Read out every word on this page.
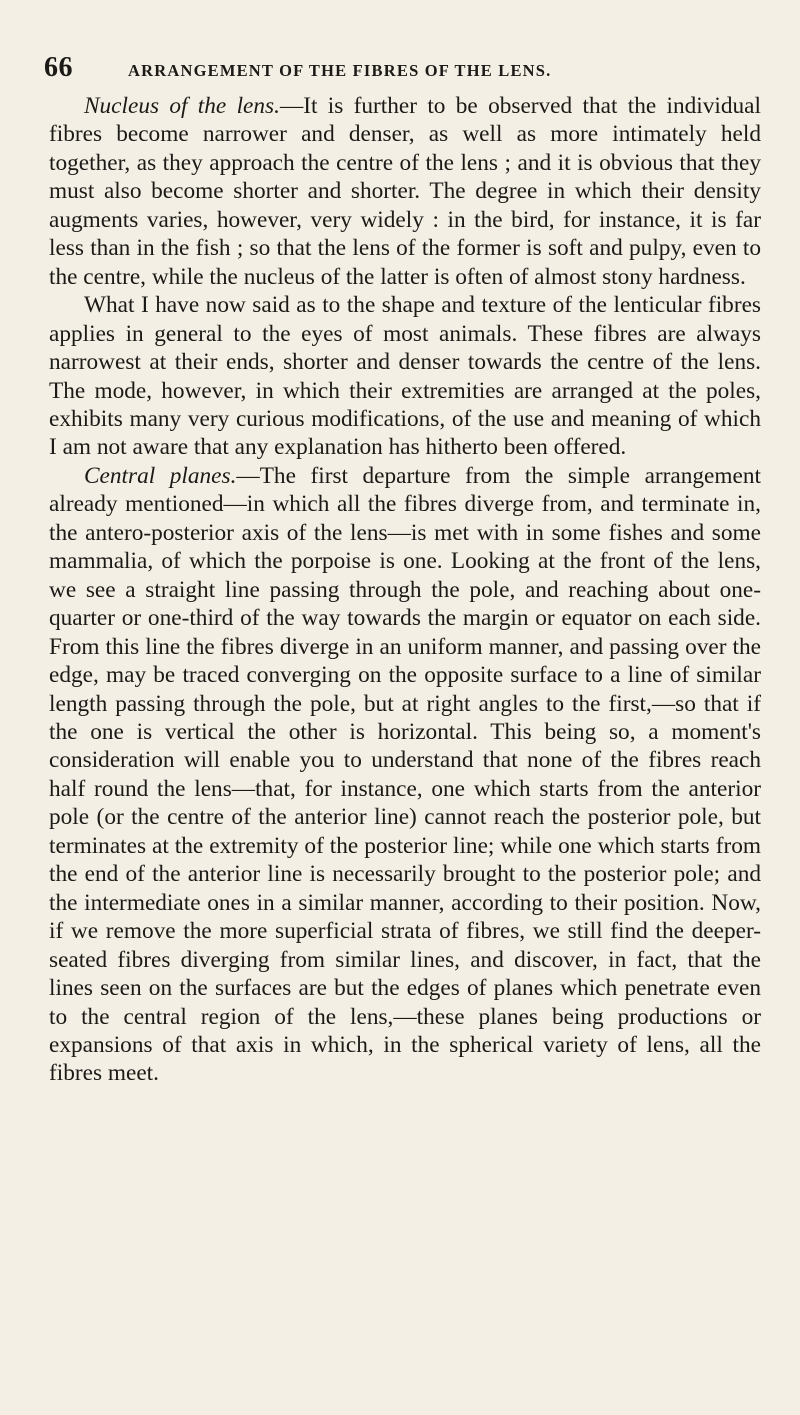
66	ARRANGEMENT OF THE FIBRES OF THE LENS.

Nucleus of the lens.—It is further to be observed that the individual fibres become narrower and denser, as well as more intimately held together, as they approach the centre of the lens ; and it is obvious that they must also become shorter and shorter. The degree in which their density augments varies, however, very widely : in the bird, for instance, it is far less than in the fish ; so that the lens of the former is soft and pulpy, even to the centre, while the nucleus of the latter is often of almost stony hardness.

What I have now said as to the shape and texture of the lenticular fibres applies in general to the eyes of most animals. These fibres are always narrowest at their ends, shorter and denser towards the centre of the lens. The mode, however, in which their extremities are arranged at the poles, exhibits many very curious modifications, of the use and meaning of which I am not aware that any explanation has hitherto been offered.

Central planes.—The first departure from the simple arrangement already mentioned—in which all the fibres diverge from, and terminate in, the antero-posterior axis of the lens—is met with in some fishes and some mammalia, of which the porpoise is one. Looking at the front of the lens, we see a straight line passing through the pole, and reaching about one-quarter or one-third of the way towards the margin or equator on each side. From this line the fibres diverge in an uniform manner, and passing over the edge, may be traced converging on the opposite surface to a line of similar length passing through the pole, but at right angles to the first,—so that if the one is vertical the other is horizontal. This being so, a moment's consideration will enable you to understand that none of the fibres reach half round the lens—that, for instance, one which starts from the anterior pole (or the centre of the anterior line) cannot reach the posterior pole, but terminates at the extremity of the posterior line; while one which starts from the end of the anterior line is necessarily brought to the posterior pole; and the intermediate ones in a similar manner, according to their position. Now, if we remove the more superficial strata of fibres, we still find the deeper-seated fibres diverging from similar lines, and discover, in fact, that the lines seen on the surfaces are but the edges of planes which penetrate even to the central region of the lens,—these planes being productions or expansions of that axis in which, in the spherical variety of lens, all the fibres meet.
